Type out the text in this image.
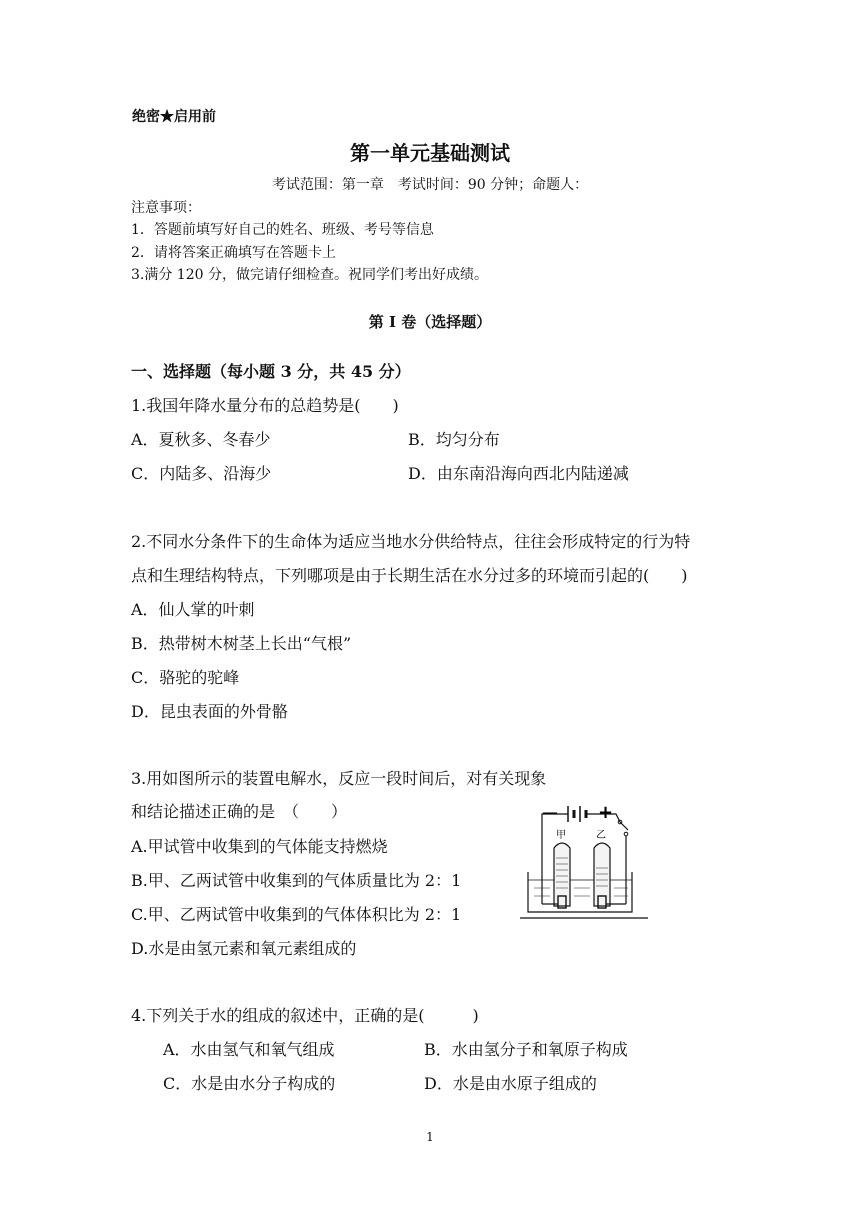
绝密★启用前
第一单元基础测试
考试范围：第一章　考试时间：90 分钟；命题人：
注意事项：
1．答题前填写好自己的姓名、班级、考号等信息
2．请将答案正确填写在答题卡上
3.满分 120 分，做完请仔细检查。祝同学们考出好成绩。
第 I 卷（选择题）
一、选择题（每小题 3 分，共 45 分）
1.我国年降水量分布的总趋势是(　　)
A．夏秋多、冬春少	B．均匀分布
C．内陆多、沿海少	D．由东南沿海向西北内陆递减
2.不同水分条件下的生命体为适应当地水分供给特点，往往会形成特定的行为特
点和生理结构特点，下列哪项是由于长期生活在水分过多的环境而引起的(　　)
A．仙人掌的叶刺
B．热带树木树茎上长出“气根”
C．骆驼的驼峰
D．昆虫表面的外骨骼
3.用如图所示的装置电解水，反应一段时间后，对有关现象
和结论描述正确的是　（　　）
A.甲试管中收集到的气体能支持燃烧
B.甲、乙两试管中收集到的气体质量比为 2：1
C.甲、乙两试管中收集到的气体体积比为 2：1
D.水是由氢元素和氧元素组成的
— +
甲	乙
4.下列关于水的组成的叙述中，正确的是(　　　)
A．水由氢气和氧气组成	B．水由氢分子和氧原子构成
C．水是由水分子构成的	D．水是由水原子组成的
1
